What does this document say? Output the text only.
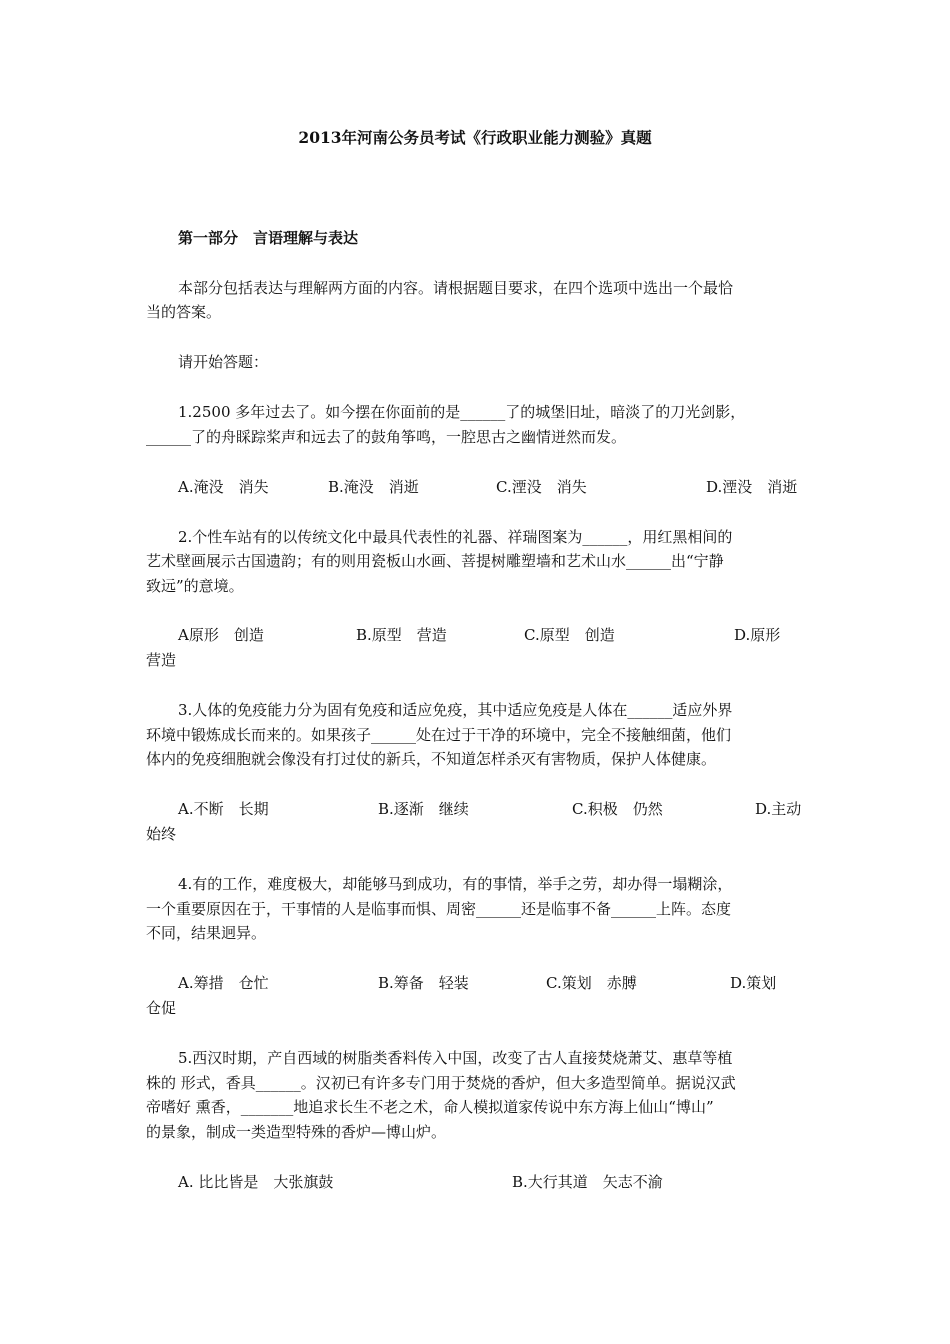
2013年河南公务员考试《行政职业能力测验》真题
第一部分　言语理解与表达
本部分包括表达与理解两方面的内容。请根据题目要求，在四个选项中选出一个最恰
当的答案。
请开始答题：
1.2500 多年过去了。如今摆在你面前的是______了的城堡旧址，暗淡了的刀光剑影，
______了的舟睬踪桨声和远去了的鼓角筝鸣，一腔思古之幽情迸然而发。
A.淹没　消失	B.淹没　消逝	C.湮没　消失	D.湮没　消逝
2.个性车站有的以传统文化中最具代表性的礼器、祥瑞图案为______，用红黑相间的
艺术壁画展示古国遗韵；有的则用瓷板山水画、菩提树雕塑墙和艺术山水______出“宁静
致远”的意境。
A原形　创造	B.原型　营造	C.原型　创造	D.原形
营造
3.人体的免疫能力分为固有免疫和适应免疫，其中适应免疫是人体在______适应外界
环境中锻炼成长而来的。如果孩子______处在过于干净的环境中，完全不接触细菌，他们
体内的免疫细胞就会像没有打过仗的新兵，不知道怎样杀灭有害物质，保护人体健康。
A.不断　长期	B.逐渐　继续	C.积极　仍然	D.主动
始终
4.有的工作，难度极大，却能够马到成功，有的事情，举手之劳，却办得一塌糊涂，
一个重要原因在于，干事情的人是临事而惧、周密______还是临事不备______上阵。态度
不同，结果迥异。
A.筹措　仓忙	B.筹备　轻装	C.策划　赤膊	D.策划
仓促
5.西汉时期，产自西域的树脂类香料传入中国，改变了古人直接焚烧萧艾、惠草等植
株的 形式，香具______。汉初已有许多专门用于焚烧的香炉，但大多造型简单。据说汉武
帝嗜好 熏香，_______地追求长生不老之术，命人模拟道家传说中东方海上仙山“博山”
的景象，制成一类造型特殊的香炉—博山炉。
A. 比比皆是　大张旗鼓	B.大行其道　矢志不渝
